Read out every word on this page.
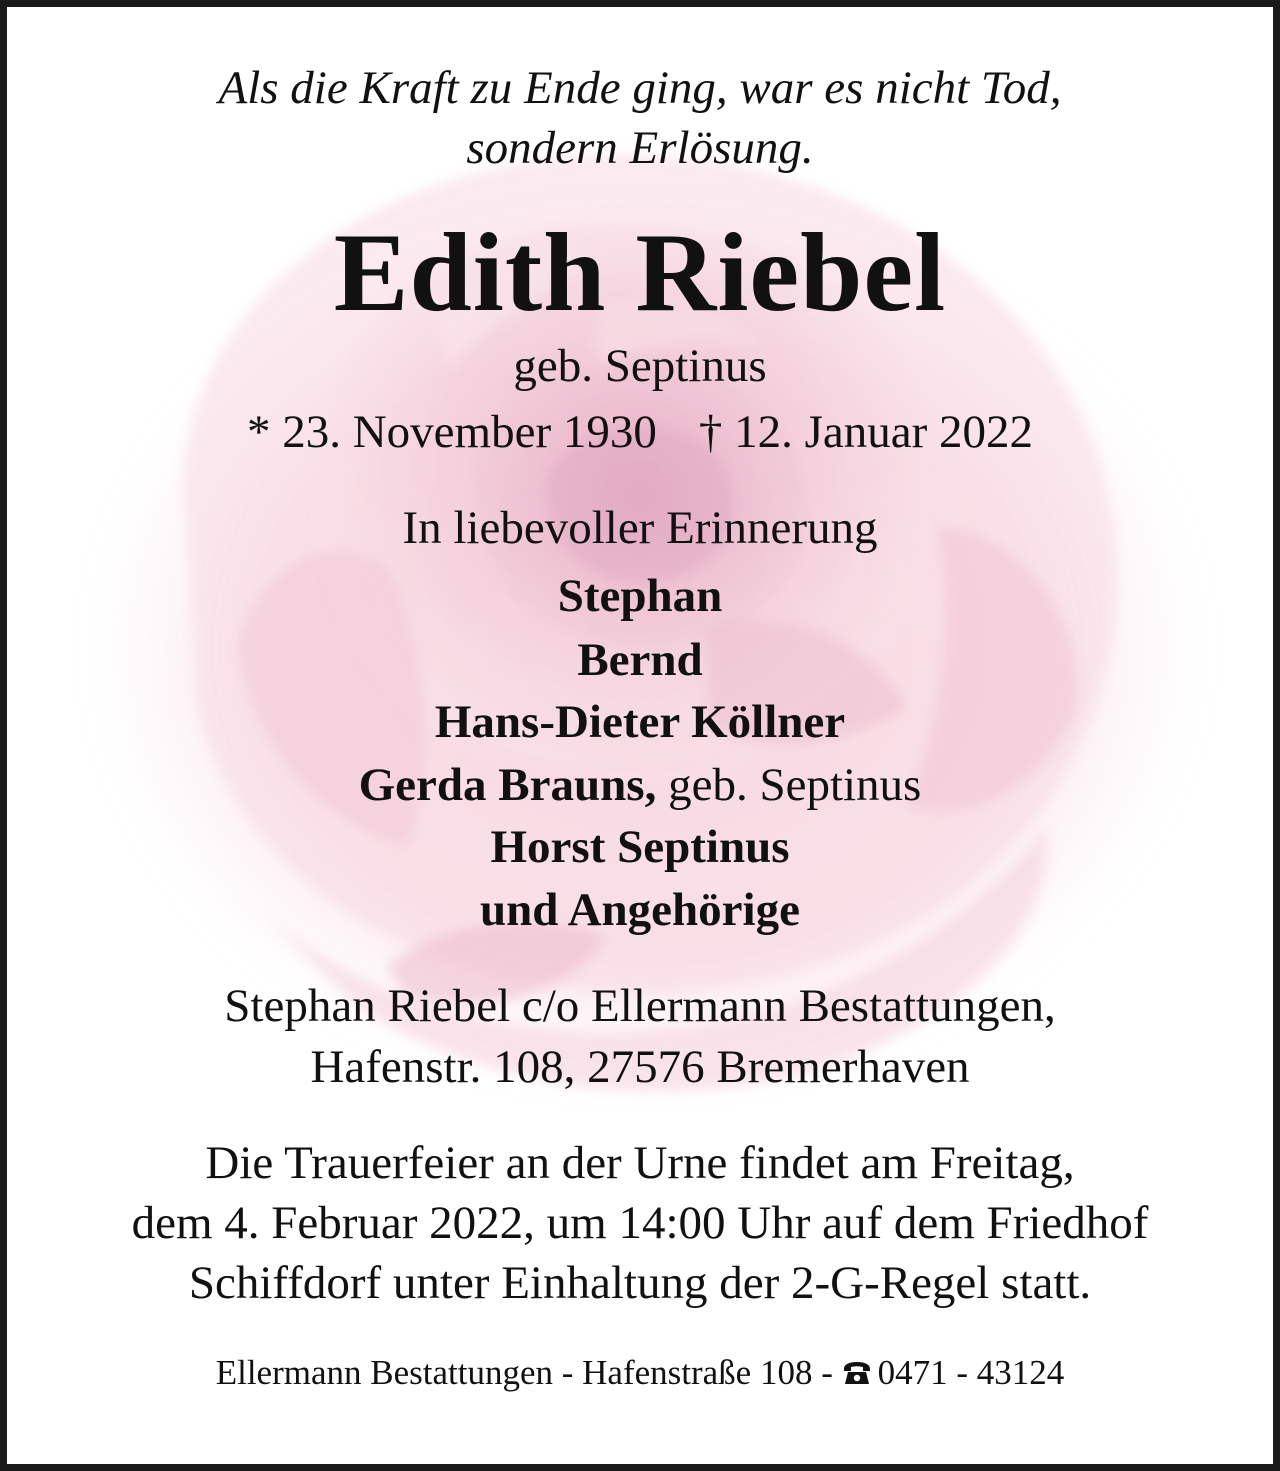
Als die Kraft zu Ende ging, war es nicht Tod,
sondern Erlösung.
Edith Riebel
geb. Septinus
* 23. November 1930 † 12. Januar 2022
In liebevoller Erinnerung
Stephan
Bernd
Hans-Dieter Köllner
Gerda Brauns, geb. Septinus
Horst Septinus
und Angehörige
Stephan Riebel c/o Ellermann Bestattungen,
Hafenstr. 108, 27576 Bremerhaven
Die Trauerfeier an der Urne findet am Freitag,
dem 4. Februar 2022, um 14:00 Uhr auf dem Friedhof
Schiffdorf unter Einhaltung der 2-G-Regel statt.
Ellermann Bestattungen - Hafenstraße 108 - 0471 - 43124
